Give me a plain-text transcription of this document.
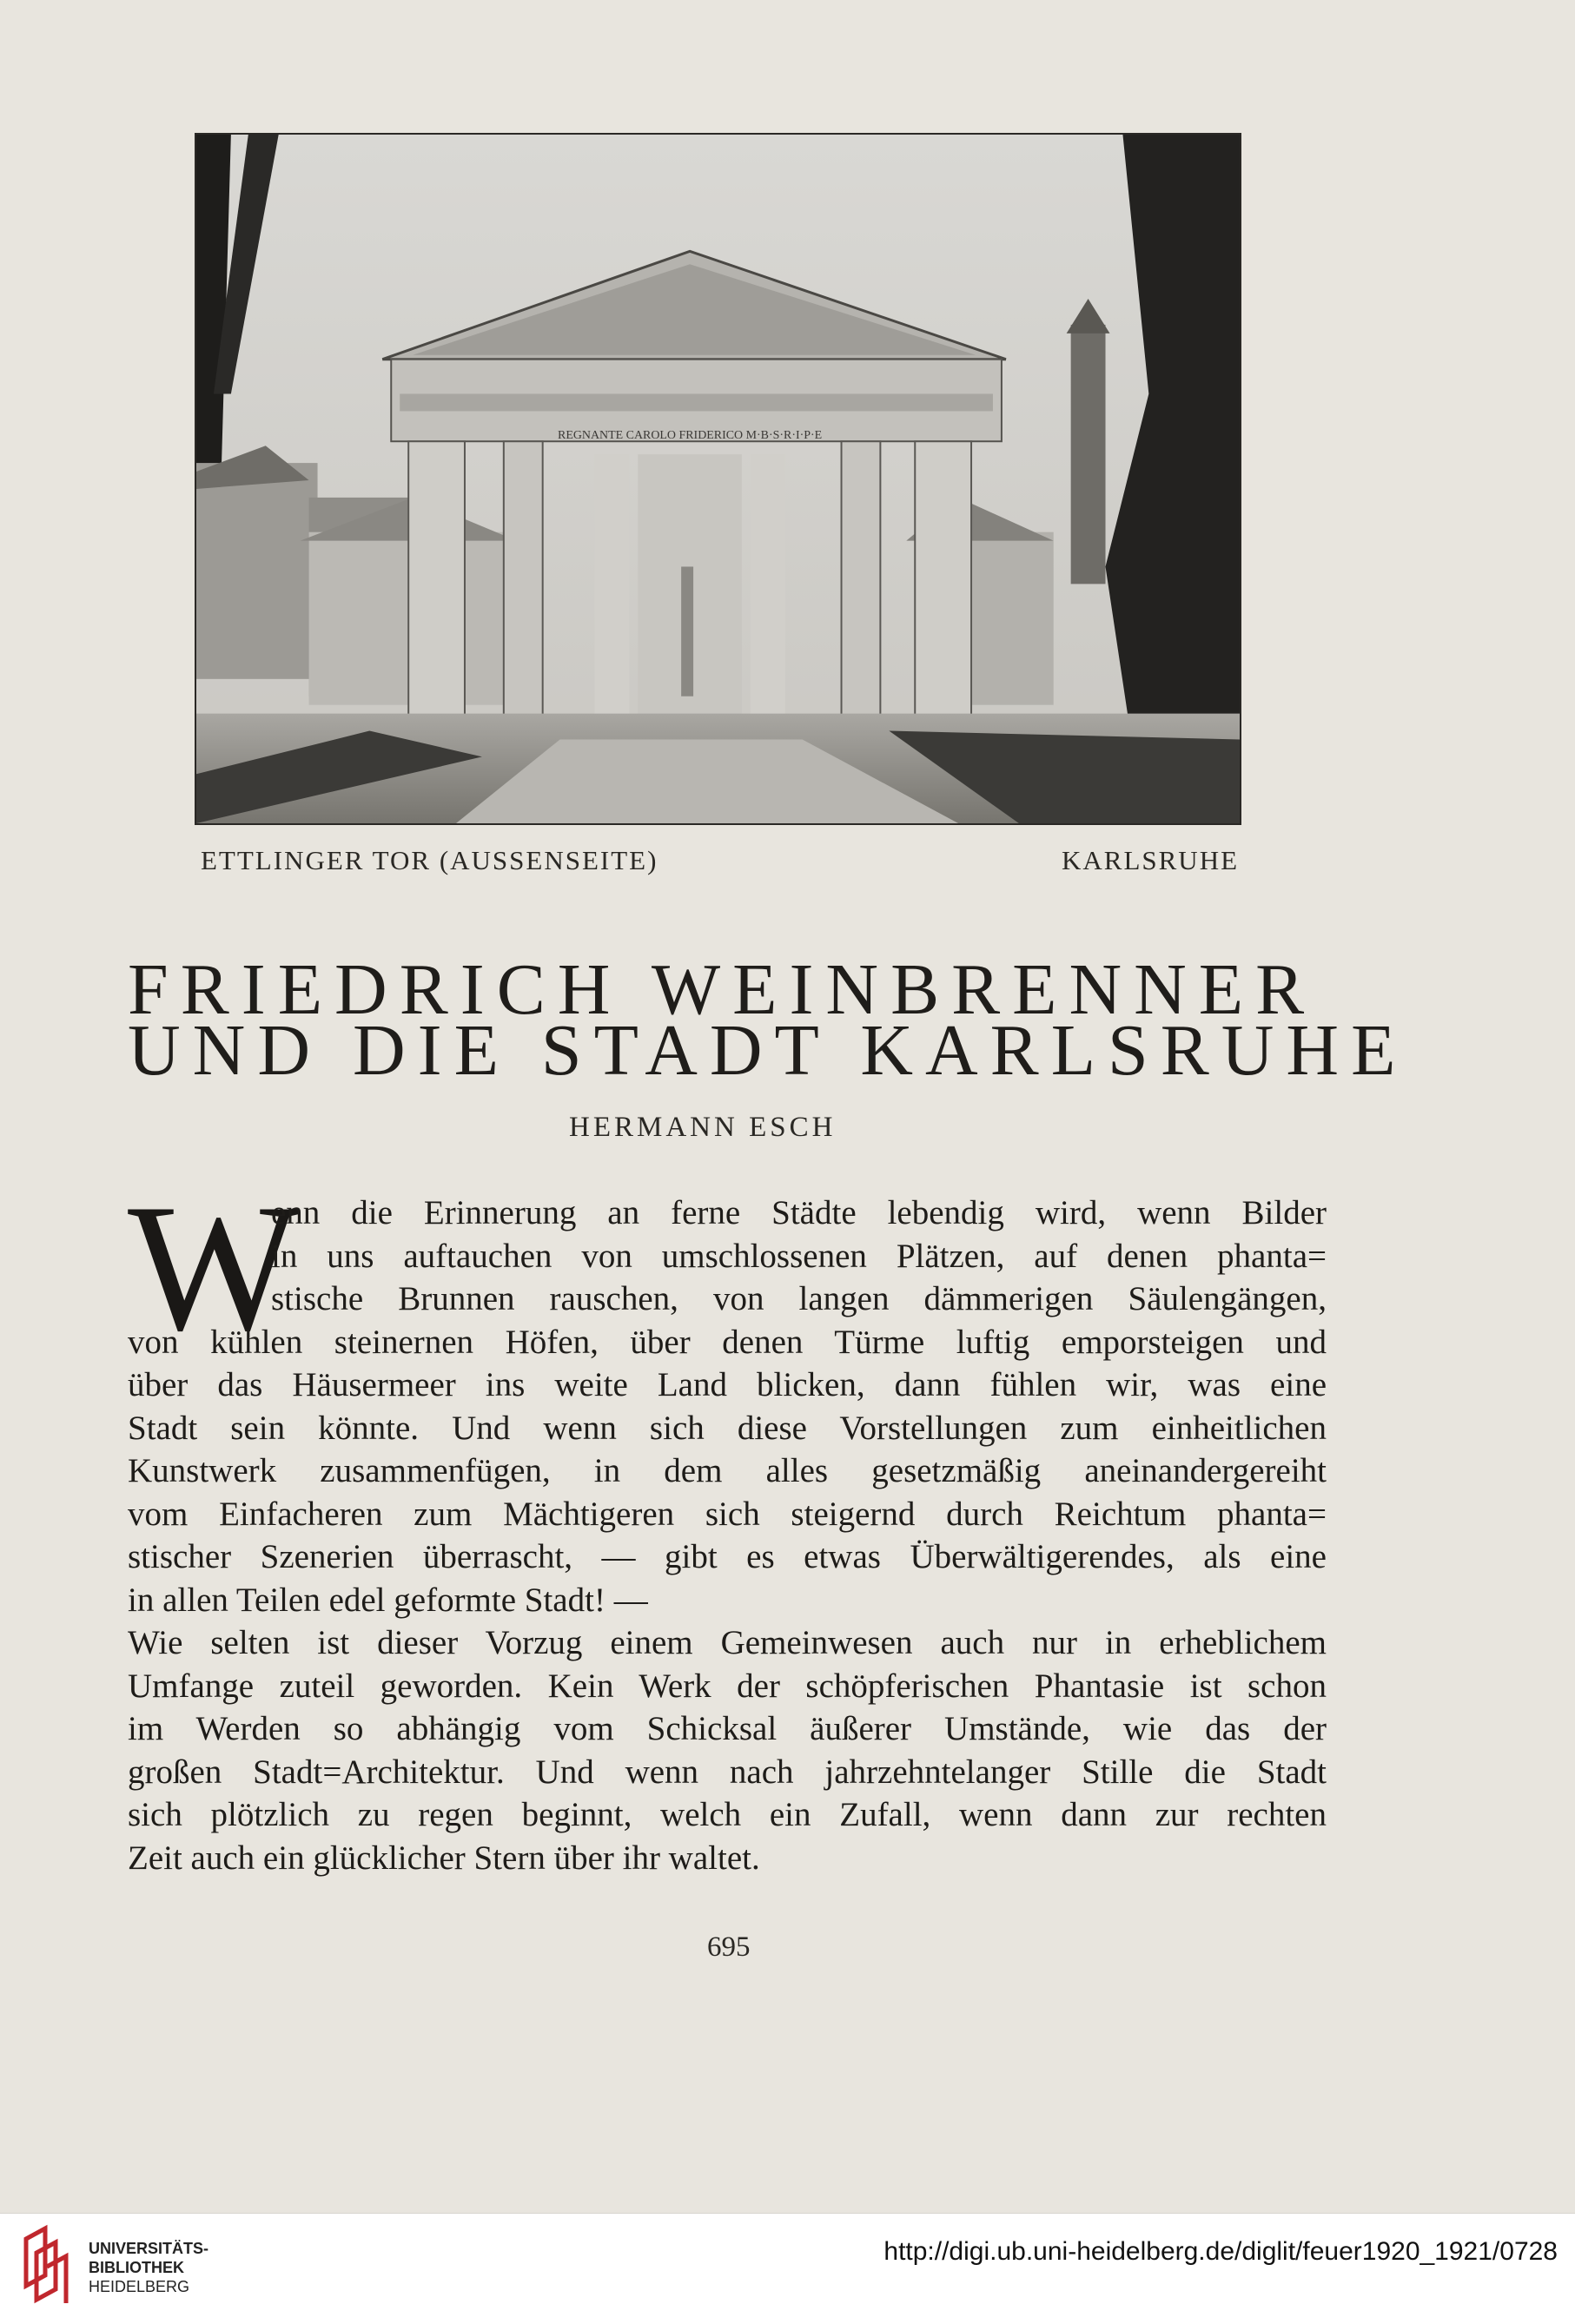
REGNANTE CAROLO FRIDERICO M·B·S·R·I·P·E
ETTLINGER TOR (AUSSENSEITE)	KARLSRUHE
FRIEDRICH WEINBRENNER
UND DIE STADT KARLSRUHE
HERMANN ESCH
W
enn die Erinnerung an ferne Städte lebendig wird, wenn Bilder
in uns auftauchen von umschlossenen Plätzen, auf denen phanta=
stische Brunnen rauschen, von langen dämmerigen Säulengängen,
von kühlen steinernen Höfen, über denen Türme luftig emporsteigen und
über das Häusermeer ins weite Land blicken, dann fühlen wir, was eine
Stadt sein könnte. Und wenn sich diese Vorstellungen zum einheitlichen
Kunstwerk zusammenfügen, in dem alles gesetzmäßig aneinandergereiht
vom Einfacheren zum Mächtigeren sich steigernd durch Reichtum phanta=
stischer Szenerien überrascht, — gibt es etwas Überwältigerendes, als eine
in allen Teilen edel geformte Stadt! —
Wie selten ist dieser Vorzug einem Gemeinwesen auch nur in erheblichem
Umfange zuteil geworden. Kein Werk der schöpferischen Phantasie ist schon
im Werden so abhängig vom Schicksal äußerer Umstände, wie das der
großen Stadt=Architektur. Und wenn nach jahrzehntelanger Stille die Stadt
sich plötzlich zu regen beginnt, welch ein Zufall, wenn dann zur rechten
Zeit auch ein glücklicher Stern über ihr waltet.
695
UNIVERSITÄTS-
BIBLIOTHEK
HEIDELBERG
http://digi.ub.uni-heidelberg.de/diglit/feuer1920_1921/0728
